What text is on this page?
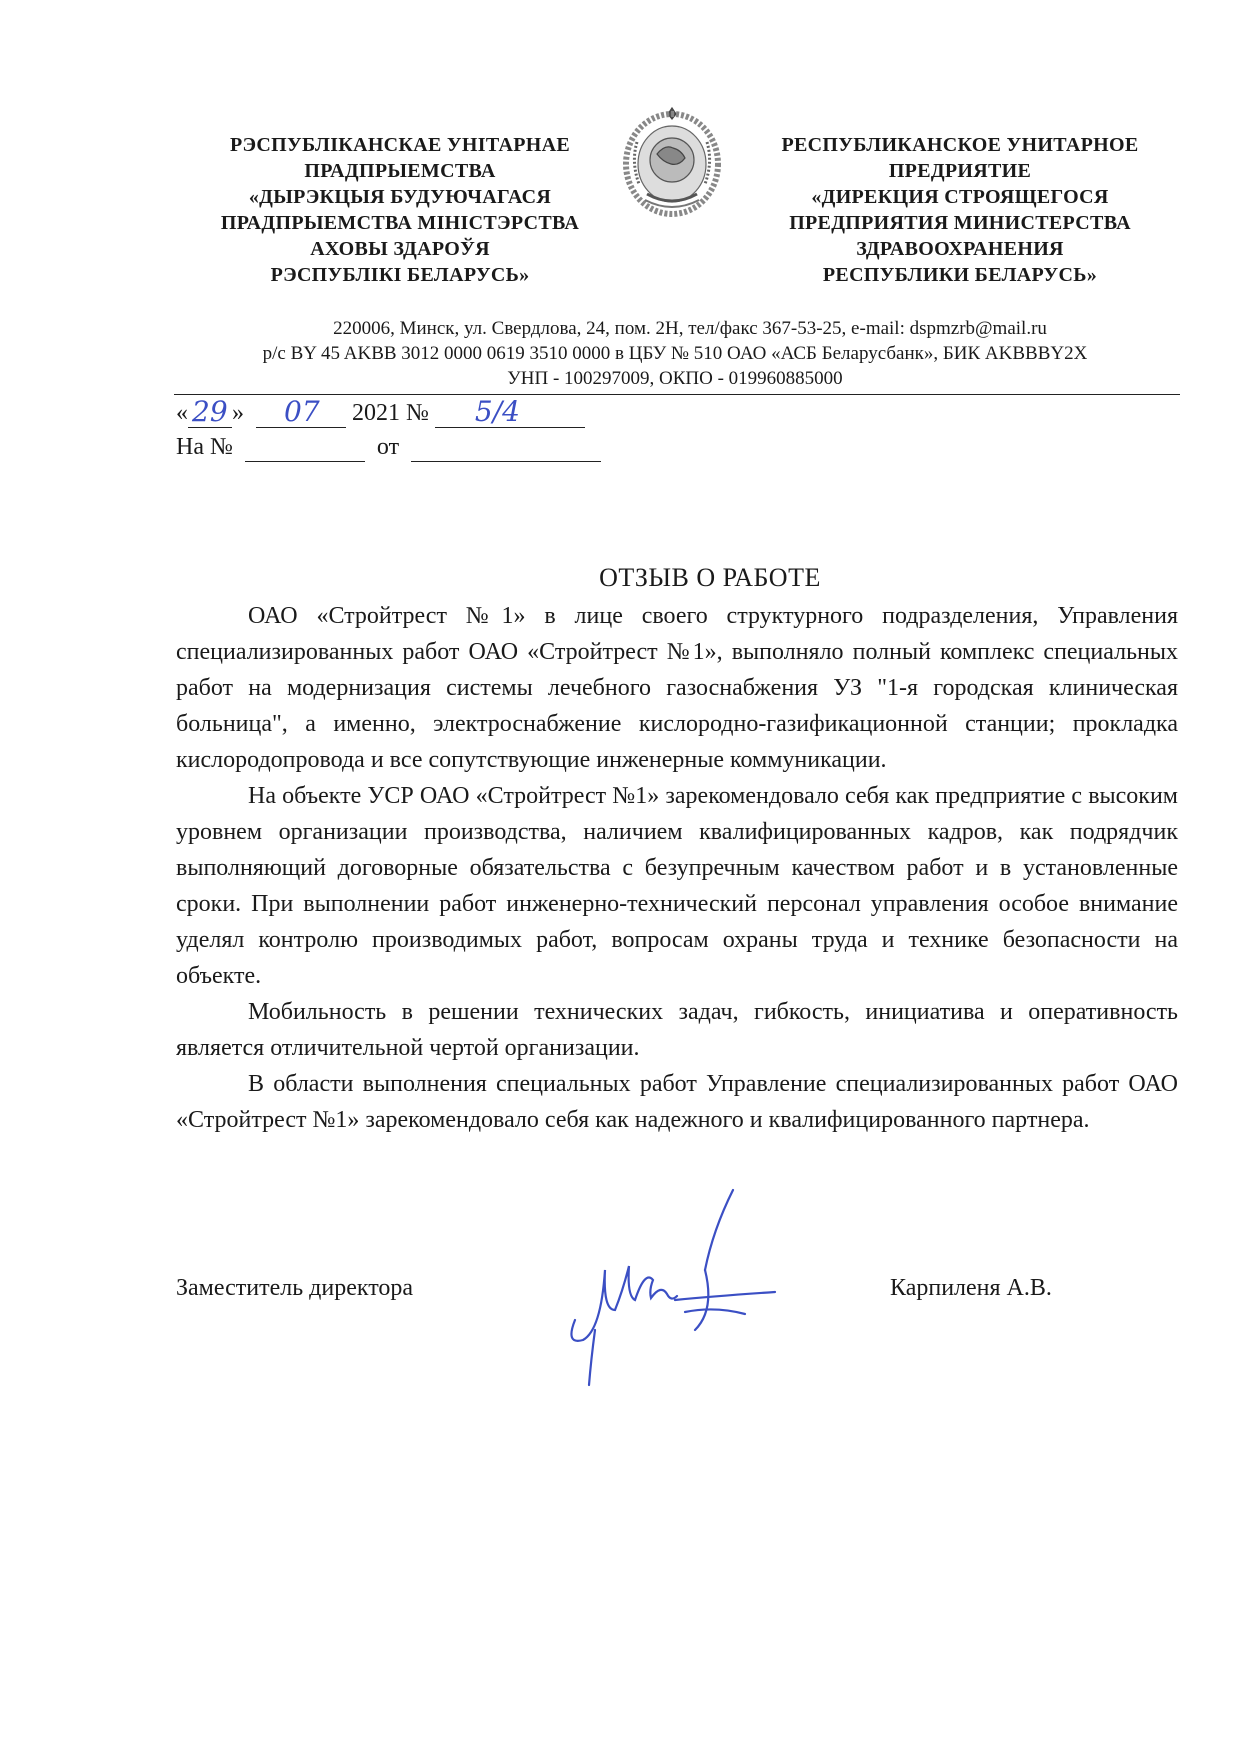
РЭСПУБЛІКАНСКАЕ УНІТАРНАЕ
ПРАДПРЫЕМСТВА
«ДЫРЭКЦЫЯ БУДУЮЧАГАСЯ
ПРАДПРЫЕМСТВА МІНІСТЭРСТВА
АХОВЫ ЗДАРОЎЯ
РЭСПУБЛІКІ БЕЛАРУСЬ»
РЕСПУБЛИКАНСКОЕ УНИТАРНОЕ
ПРЕДРИЯТИЕ
«ДИРЕКЦИЯ СТРОЯЩЕГОСЯ
ПРЕДПРИЯТИЯ МИНИСТЕРСТВА
ЗДРАВООХРАНЕНИЯ
РЕСПУБЛИКИ БЕЛАРУСЬ»
220006, Минск, ул. Свердлова, 24, пом. 2Н, тел/факс 367-53-25, e-mail: dspmzrb@mail.ru
р/с BY 45 AKBB 3012 0000 0619 3510 0000 в ЦБУ № 510 ОАО «АСБ Беларусбанк», БИК AKBBBY2X
УНП - 100297009, ОКПО - 019960885000
« 29 » 07 2021 № 5/4
На №	от
ОТЗЫВ О РАБОТЕ

ОАО «Стройтрест №1» в лице своего структурного подразделения, Управления специализированных работ ОАО «Стройтрест №1», выполняло полный комплекс специальных работ на модернизация системы лечебного газоснабжения УЗ "1-я городская клиническая больница", а именно, электроснабжение кислородно-газификационной станции; прокладка кислородопровода и все сопутствующие инженерные коммуникации.

На объекте УСР ОАО «Стройтрест №1» зарекомендовало себя как предприятие с высоким уровнем организации производства, наличием квалифицированных кадров, как подрядчик выполняющий договорные обязательства с безупречным качеством работ и в установленные сроки. При выполнении работ инженерно-технический персонал управления особое внимание уделял контролю производимых работ, вопросам охраны труда и технике безопасности на объекте.

Мобильность в решении технических задач, гибкость, инициатива и оперативность является отличительной чертой организации.

В области выполнения специальных работ Управление специализированных работ ОАО «Стройтрест №1» зарекомендовало себя как надежного и квалифицированного партнера.

Заместитель директора	Карпиленя А.В.
